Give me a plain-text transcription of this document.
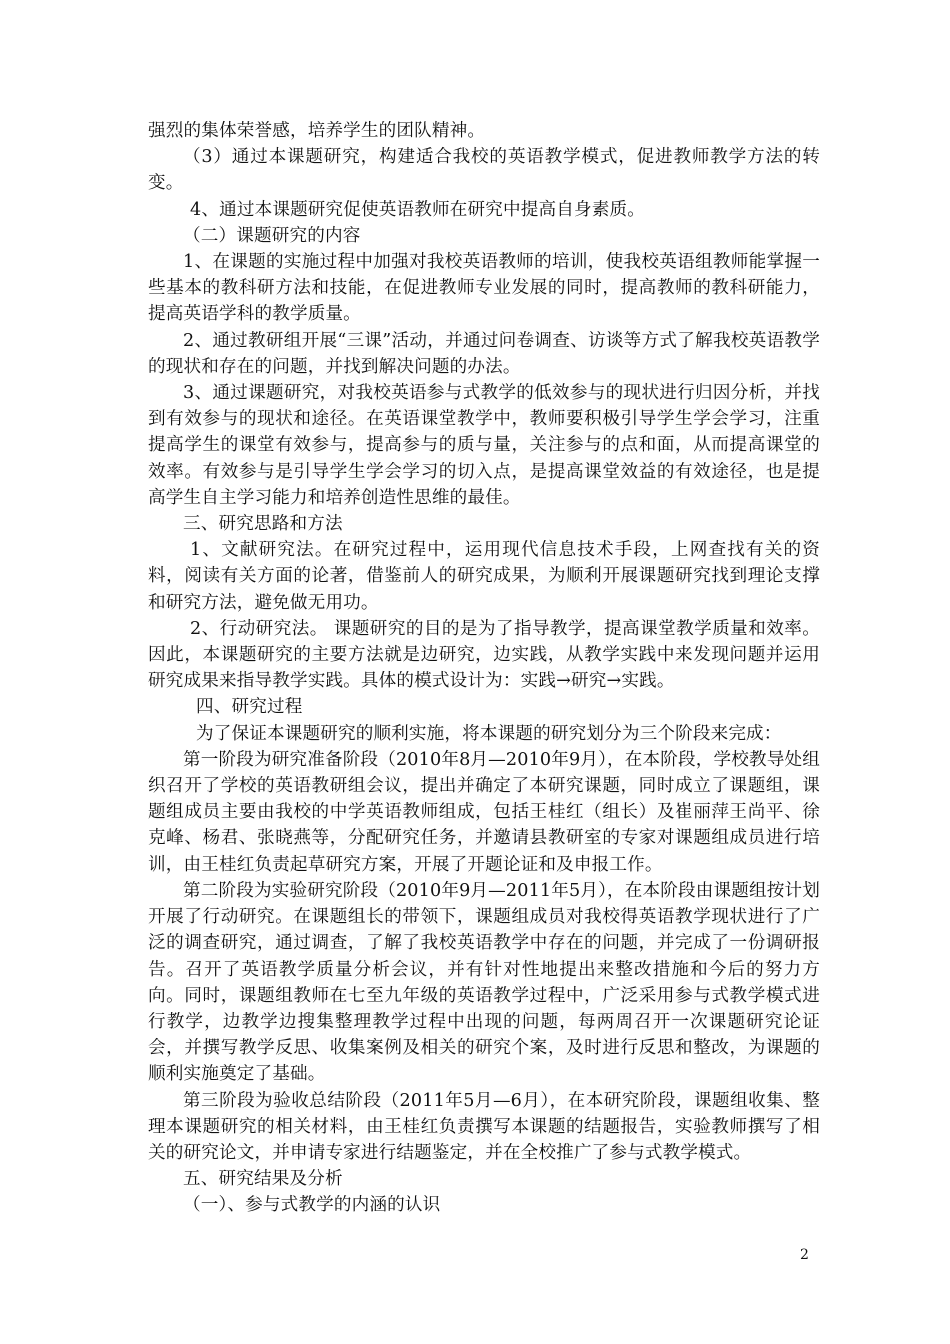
强烈的集体荣誉感，培养学生的团队精神。

（3）通过本课题研究，构建适合我校的英语教学模式，促进教师教学方法的转变。

4、通过本课题研究促使英语教师在研究中提高自身素质。

（二）课题研究的内容

1、在课题的实施过程中加强对我校英语教师的培训，使我校英语组教师能掌握一些基本的教科研方法和技能，在促进教师专业发展的同时，提高教师的教科研能力，提高英语学科的教学质量。

2、通过教研组开展“三课”活动，并通过问卷调查、访谈等方式了解我校英语教学的现状和存在的问题，并找到解决问题的办法。

3、通过课题研究，对我校英语参与式教学的低效参与的现状进行归因分析，并找到有效参与的现状和途径。在英语课堂教学中，教师要积极引导学生学会学习，注重提高学生的课堂有效参与，提高参与的质与量，关注参与的点和面，从而提高课堂的效率。有效参与是引导学生学会学习的切入点，是提高课堂效益的有效途径，也是提高学生自主学习能力和培养创造性思维的最佳。

三、研究思路和方法

1、文献研究法。在研究过程中，运用现代信息技术手段，上网查找有关的资料，阅读有关方面的论著，借鉴前人的研究成果，为顺利开展课题研究找到理论支撑和研究方法，避免做无用功。

2、行动研究法。 课题研究的目的是为了指导教学，提高课堂教学质量和效率。因此，本课题研究的主要方法就是边研究，边实践，从教学实践中来发现问题并运用研究成果来指导教学实践。具体的模式设计为：实践→研究→实践。

四、研究过程

为了保证本课题研究的顺利实施，将本课题的研究划分为三个阶段来完成：

第一阶段为研究准备阶段（2010年8月—2010年9月），在本阶段，学校教导处组织召开了学校的英语教研组会议，提出并确定了本研究课题，同时成立了课题组，课题组成员主要由我校的中学英语教师组成，包括王桂红（组长）及崔丽萍王尚平、徐克峰、杨君、张晓燕等，分配研究任务，并邀请县教研室的专家对课题组成员进行培训，由王桂红负责起草研究方案，开展了开题论证和及申报工作。

第二阶段为实验研究阶段（2010年9月—2011年5月），在本阶段由课题组按计划开展了行动研究。在课题组长的带领下，课题组成员对我校得英语教学现状进行了广泛的调查研究，通过调查，了解了我校英语教学中存在的问题，并完成了一份调研报告。召开了英语教学质量分析会议，并有针对性地提出来整改措施和今后的努力方向。同时，课题组教师在七至九年级的英语教学过程中，广泛采用参与式教学模式进行教学，边教学边搜集整理教学过程中出现的问题，每两周召开一次课题研究论证会，并撰写教学反思、收集案例及相关的研究个案，及时进行反思和整改，为课题的顺利实施奠定了基础。

第三阶段为验收总结阶段（2011年5月—6月），在本研究阶段，课题组收集、整理本课题研究的相关材料，由王桂红负责撰写本课题的结题报告，实验教师撰写了相关的研究论文，并申请专家进行结题鉴定，并在全校推广了参与式教学模式。

五、研究结果及分析

（一）、参与式教学的内涵的认识

2
